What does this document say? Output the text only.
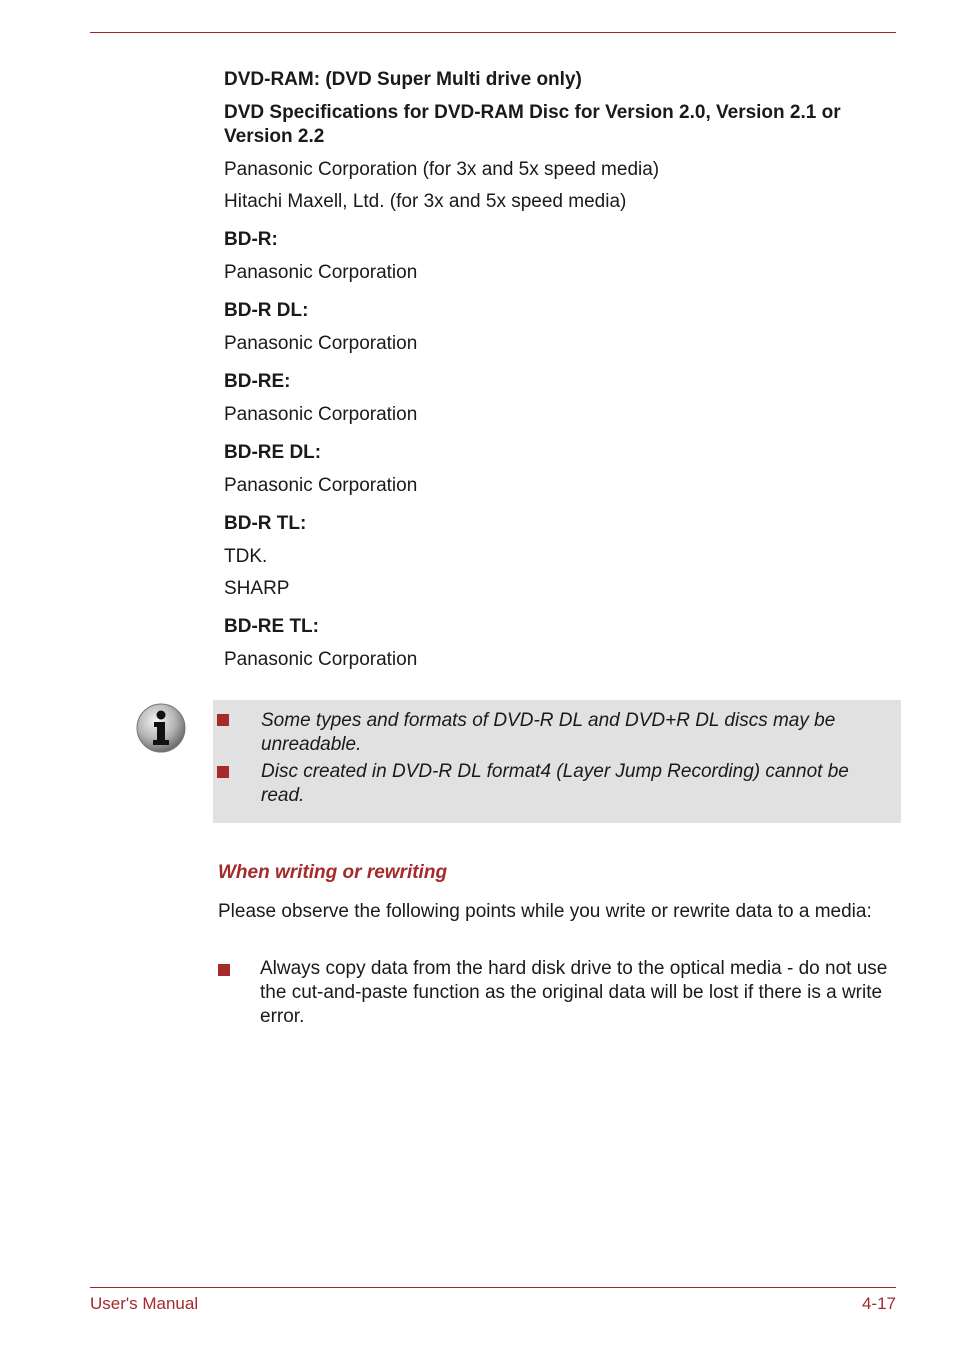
DVD-RAM: (DVD Super Multi drive only)
DVD Specifications for DVD-RAM Disc for Version 2.0, Version 2.1 or Version 2.2
Panasonic Corporation (for 3x and 5x speed media)
Hitachi Maxell, Ltd. (for 3x and 5x speed media)
BD-R:
Panasonic Corporation
BD-R DL:
Panasonic Corporation
BD-RE:
Panasonic Corporation
BD-RE DL:
Panasonic Corporation
BD-R TL:
TDK.
SHARP
BD-RE TL:
Panasonic Corporation
Some types and formats of DVD-R DL and DVD+R DL discs may be unreadable.
Disc created in DVD-R DL format4 (Layer Jump Recording) cannot be read.
When writing or rewriting
Please observe the following points while you write or rewrite data to a media:
Always copy data from the hard disk drive to the optical media - do not use the cut-and-paste function as the original data will be lost if there is a write error.
User's Manual	4-17
